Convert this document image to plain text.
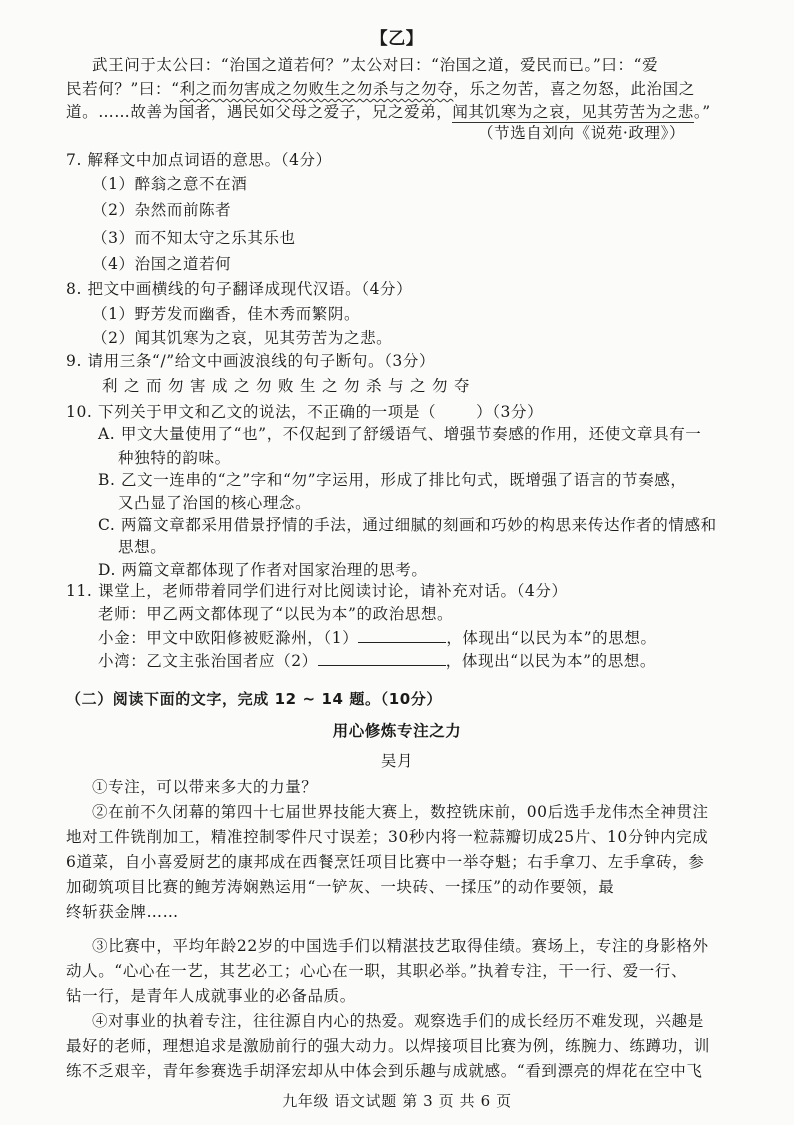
【乙】
武王问于太公曰：“治国之道若何？”太公对曰：“治国之道，爱民而已。”曰：“爱
民若何？”曰：“利之而勿害成之勿败生之勿杀与之勿夺，乐之勿苦，喜之勿怒，此治国之
道。……故善为国者，遇民如父母之爱子，兄之爱弟，闻其饥寒为之哀，见其劳苦为之悲。”
（节选自刘向《说苑·政理》）
7. 解释文中加点词语的意思。（4分）
（1）醉翁之意不在酒
（2）杂然而前陈者
（3）而不知太守之乐其乐也
（4）治国之道若何
8. 把文中画横线的句子翻译成现代汉语。（4分）
（1）野芳发而幽香，佳木秀而繁阴。
（2）闻其饥寒为之哀，见其劳苦为之悲。
9. 请用三条“/”给文中画波浪线的句子断句。（3分）
利之而勿害成之勿败生之勿杀与之勿夺
10. 下列关于甲文和乙文的说法，不正确的一项是（	）（3分）
A. 甲文大量使用了“也”，不仅起到了舒缓语气、增强节奏感的作用，还使文章具有一
种独特的韵味。
B. 乙文一连串的“之”字和“勿”字运用，形成了排比句式，既增强了语言的节奏感，
又凸显了治国的核心理念。
C. 两篇文章都采用借景抒情的手法，通过细腻的刻画和巧妙的构思来传达作者的情感和
思想。
D. 两篇文章都体现了作者对国家治理的思考。
11. 课堂上，老师带着同学们进行对比阅读讨论，请补充对话。（4分）
老师：甲乙两文都体现了“以民为本”的政治思想。
小金：甲文中欧阳修被贬滁州，（1）	，体现出“以民为本”的思想。
小湾：乙文主张治国者应（2）	，体现出“以民为本”的思想。
（二）阅读下面的文字，完成 12 ~ 14 题。（10分）
用心修炼专注之力
吴月
①专注，可以带来多大的力量？
②在前不久闭幕的第四十七届世界技能大赛上，数控铣床前，00后选手龙伟杰全神贯注
地对工件铣削加工，精准控制零件尺寸误差；30秒内将一粒蒜瓣切成25片、10分钟内完成
6道菜，自小喜爱厨艺的康邦成在西餐烹饪项目比赛中一举夺魁；右手拿刀、左手拿砖，参
加砌筑项目比赛的鲍芳涛娴熟运用“一铲灰、一块砖、一揉压”的动作要领，最
终斩获金牌……
③比赛中，平均年龄22岁的中国选手们以精湛技艺取得佳绩。赛场上，专注的身影格外
动人。“心心在一艺，其艺必工；心心在一职，其职必举。”执着专注，干一行、爱一行、
钻一行，是青年人成就事业的必备品质。
④对事业的执着专注，往往源自内心的热爱。观察选手们的成长经历不难发现，兴趣是
最好的老师，理想追求是激励前行的强大动力。以焊接项目比赛为例，练腕力、练蹲功，训
练不乏艰辛，青年参赛选手胡泽宏却从中体会到乐趣与成就感。“看到漂亮的焊花在空中飞
九年级 语文试题 第 3 页 共 6 页
